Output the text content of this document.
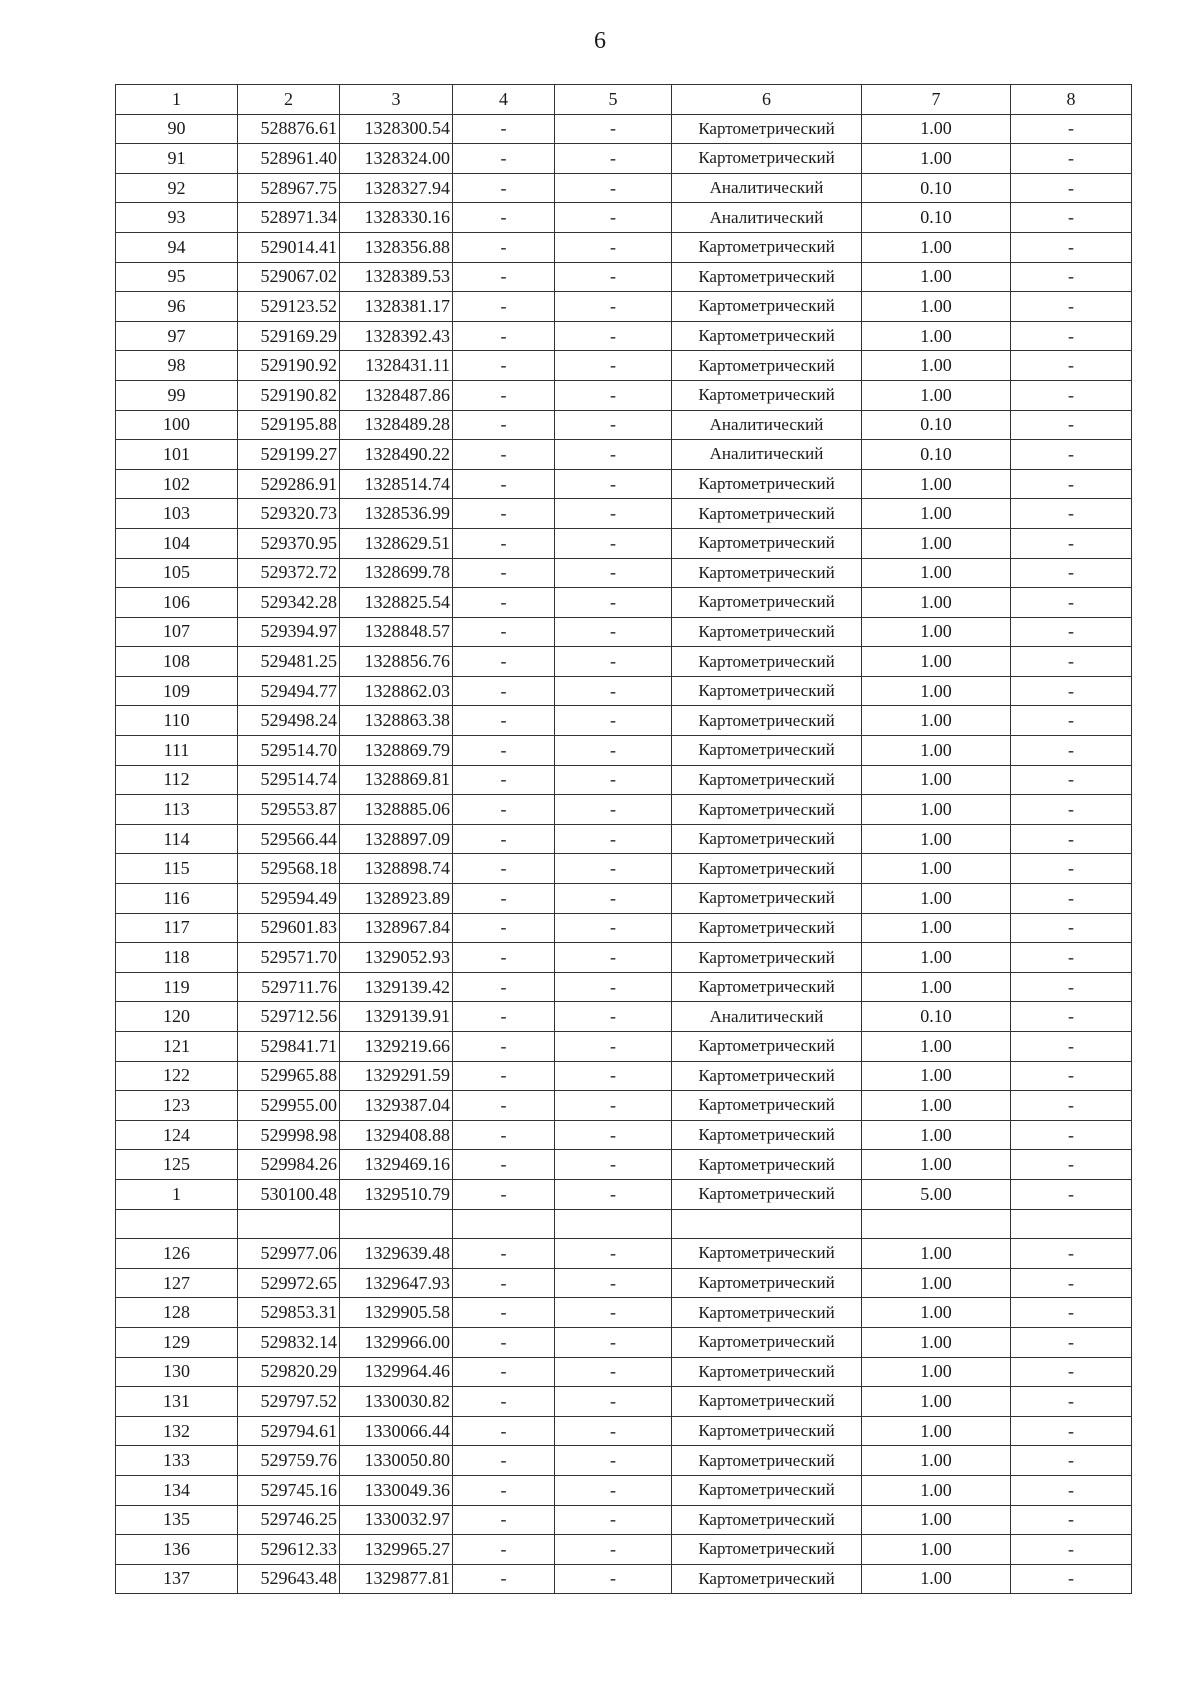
6
1	2	3	4	5	6	7	8
90	528876.61	1328300.54	-	-	Картометрический	1.00	-
91	528961.40	1328324.00	-	-	Картометрический	1.00	-
92	528967.75	1328327.94	-	-	Аналитический	0.10	-
93	528971.34	1328330.16	-	-	Аналитический	0.10	-
94	529014.41	1328356.88	-	-	Картометрический	1.00	-
95	529067.02	1328389.53	-	-	Картометрический	1.00	-
96	529123.52	1328381.17	-	-	Картометрический	1.00	-
97	529169.29	1328392.43	-	-	Картометрический	1.00	-
98	529190.92	1328431.11	-	-	Картометрический	1.00	-
99	529190.82	1328487.86	-	-	Картометрический	1.00	-
100	529195.88	1328489.28	-	-	Аналитический	0.10	-
101	529199.27	1328490.22	-	-	Аналитический	0.10	-
102	529286.91	1328514.74	-	-	Картометрический	1.00	-
103	529320.73	1328536.99	-	-	Картометрический	1.00	-
104	529370.95	1328629.51	-	-	Картометрический	1.00	-
105	529372.72	1328699.78	-	-	Картометрический	1.00	-
106	529342.28	1328825.54	-	-	Картометрический	1.00	-
107	529394.97	1328848.57	-	-	Картометрический	1.00	-
108	529481.25	1328856.76	-	-	Картометрический	1.00	-
109	529494.77	1328862.03	-	-	Картометрический	1.00	-
110	529498.24	1328863.38	-	-	Картометрический	1.00	-
111	529514.70	1328869.79	-	-	Картометрический	1.00	-
112	529514.74	1328869.81	-	-	Картометрический	1.00	-
113	529553.87	1328885.06	-	-	Картометрический	1.00	-
114	529566.44	1328897.09	-	-	Картометрический	1.00	-
115	529568.18	1328898.74	-	-	Картометрический	1.00	-
116	529594.49	1328923.89	-	-	Картометрический	1.00	-
117	529601.83	1328967.84	-	-	Картометрический	1.00	-
118	529571.70	1329052.93	-	-	Картометрический	1.00	-
119	529711.76	1329139.42	-	-	Картометрический	1.00	-
120	529712.56	1329139.91	-	-	Аналитический	0.10	-
121	529841.71	1329219.66	-	-	Картометрический	1.00	-
122	529965.88	1329291.59	-	-	Картометрический	1.00	-
123	529955.00	1329387.04	-	-	Картометрический	1.00	-
124	529998.98	1329408.88	-	-	Картометрический	1.00	-
125	529984.26	1329469.16	-	-	Картометрический	1.00	-
1	530100.48	1329510.79	-	-	Картометрический	5.00	-

126	529977.06	1329639.48	-	-	Картометрический	1.00	-
127	529972.65	1329647.93	-	-	Картометрический	1.00	-
128	529853.31	1329905.58	-	-	Картометрический	1.00	-
129	529832.14	1329966.00	-	-	Картометрический	1.00	-
130	529820.29	1329964.46	-	-	Картометрический	1.00	-
131	529797.52	1330030.82	-	-	Картометрический	1.00	-
132	529794.61	1330066.44	-	-	Картометрический	1.00	-
133	529759.76	1330050.80	-	-	Картометрический	1.00	-
134	529745.16	1330049.36	-	-	Картометрический	1.00	-
135	529746.25	1330032.97	-	-	Картометрический	1.00	-
136	529612.33	1329965.27	-	-	Картометрический	1.00	-
137	529643.48	1329877.81	-	-	Картометрический	1.00	-
